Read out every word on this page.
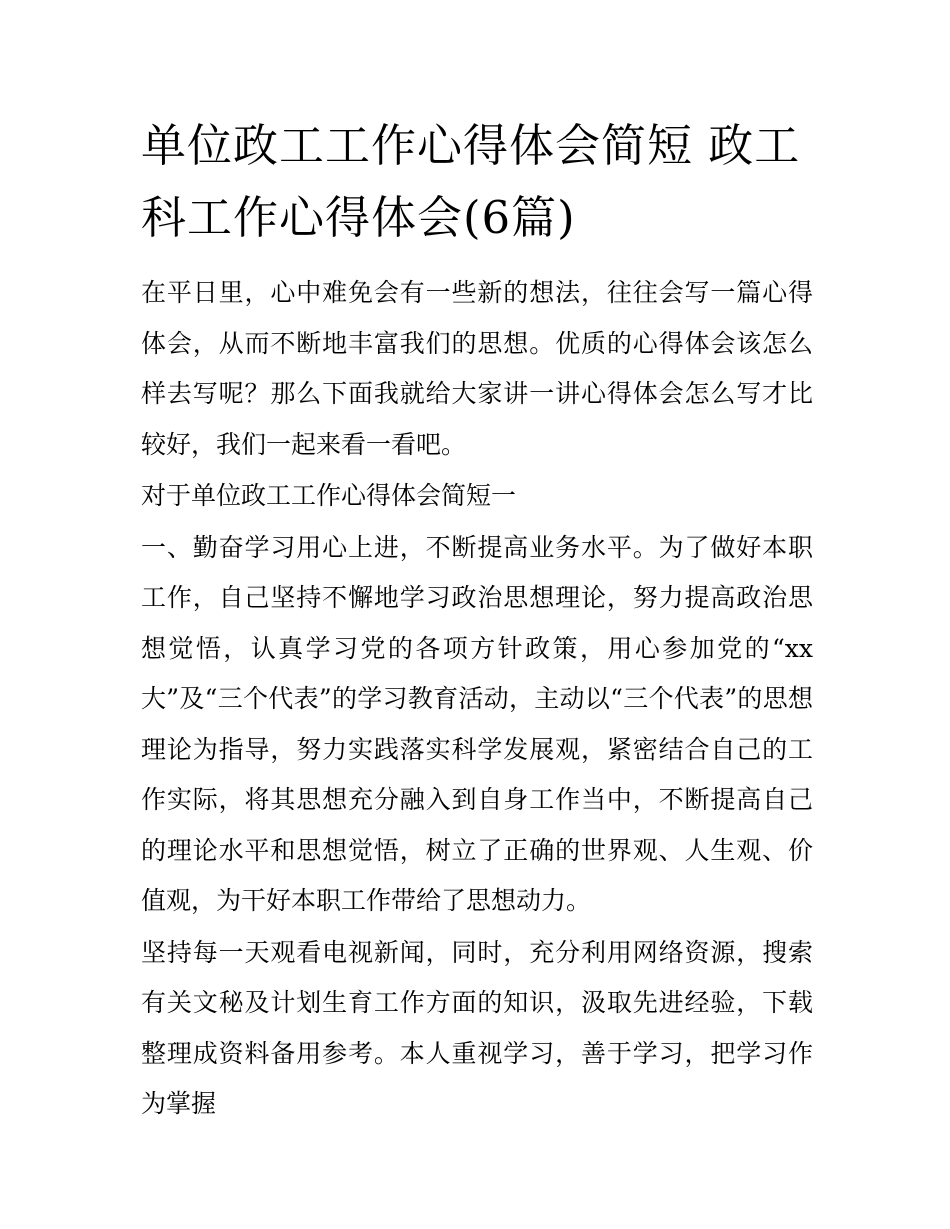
单位政工工作心得体会简短 政工科工作心得体会(6篇)

在平日里，心中难免会有一些新的想法，往往会写一篇心得体会，从而不断地丰富我们的思想。优质的心得体会该怎么样去写呢？那么下面我就给大家讲一讲心得体会怎么写才比较好，我们一起来看一看吧。

对于单位政工工作心得体会简短一

一、勤奋学习用心上进，不断提高业务水平。为了做好本职工作，自己坚持不懈地学习政治思想理论，努力提高政治思想觉悟，认真学习党的各项方针政策，用心参加党的“xx大”及“三个代表”的学习教育活动，主动以“三个代表”的思想理论为指导，努力实践落实科学发展观，紧密结合自己的工作实际，将其思想充分融入到自身工作当中，不断提高自己的理论水平和思想觉悟，树立了正确的世界观、人生观、价值观，为干好本职工作带给了思想动力。

坚持每一天观看电视新闻，同时，充分利用网络资源，搜索有关文秘及计划生育工作方面的知识，汲取先进经验，下载整理成资料备用参考。本人重视学习，善于学习，把学习作为掌握
